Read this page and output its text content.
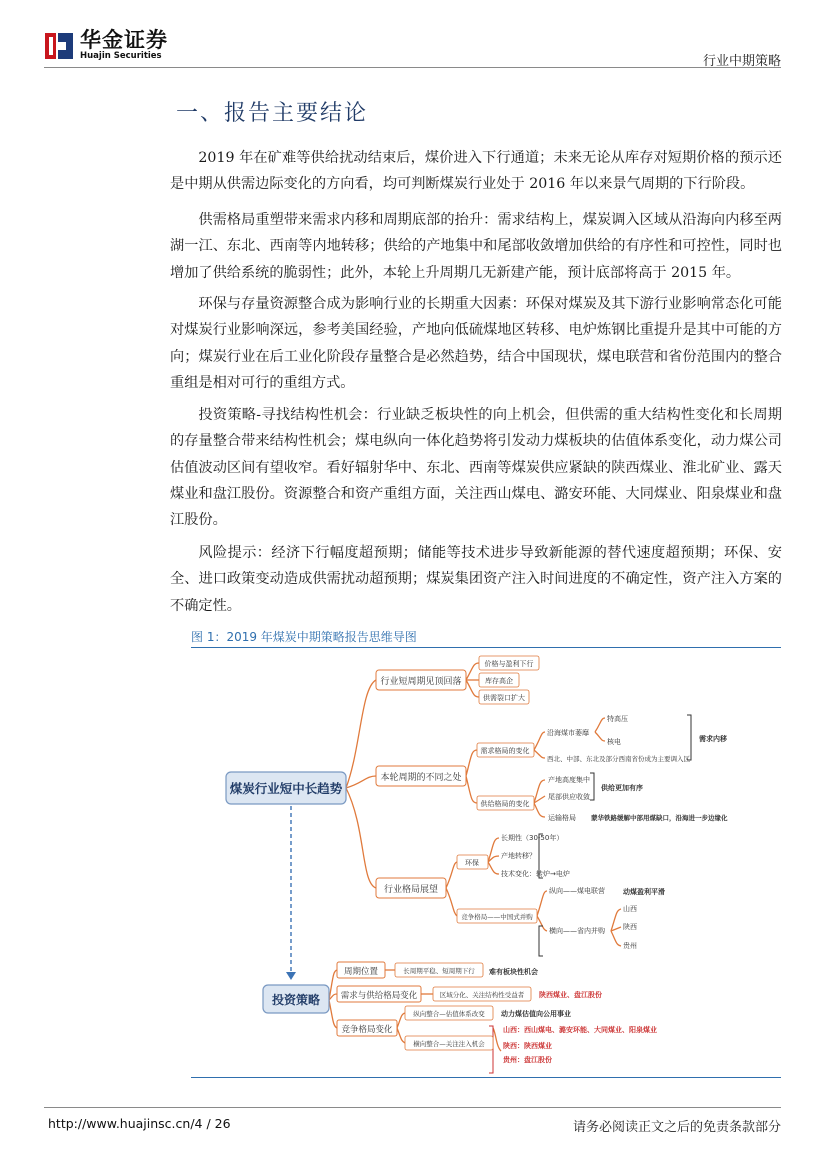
华金证券
Huajin Securities	行业中期策略
一、报告主要结论
2019 年在矿难等供给扰动结束后，煤价进入下行通道；未来无论从库存对短期价格的预示还是中期从供需边际变化的方向看，均可判断煤炭行业处于 2016 年以来景气周期的下行阶段。
供需格局重塑带来需求内移和周期底部的抬升：需求结构上，煤炭调入区域从沿海向内移至两湖一江、东北、西南等内地转移；供给的产地集中和尾部收敛增加供给的有序性和可控性，同时也增加了供给系统的脆弱性；此外，本轮上升周期几无新建产能，预计底部将高于 2015 年。
环保与存量资源整合成为影响行业的长期重大因素：环保对煤炭及其下游行业影响常态化可能对煤炭行业影响深远，参考美国经验，产地向低硫煤地区转移、电炉炼钢比重提升是其中可能的方向；煤炭行业在后工业化阶段存量整合是必然趋势，结合中国现状，煤电联营和省份范围内的整合重组是相对可行的重组方式。
投资策略-寻找结构性机会：行业缺乏板块性的向上机会，但供需的重大结构性变化和长周期的存量整合带来结构性机会；煤电纵向一体化趋势将引发动力煤板块的估值体系变化，动力煤公司估值波动区间有望收窄。看好辐射华中、东北、西南等煤炭供应紧缺的陕西煤业、淮北矿业、露天煤业和盘江股份。资源整合和资产重组方面，关注西山煤电、潞安环能、大同煤业、阳泉煤业和盘江股份。
风险提示：经济下行幅度超预期；储能等技术进步导致新能源的替代速度超预期；环保、安全、进口政策变动造成供需扰动超预期；煤炭集团资产注入时间进度的不确定性，资产注入方案的不确定性。
图 1：2019 年煤炭中期策略报告思维导图
煤炭行业短中长趋势
行业短周期见顶回落
价格与盈利下行
库存高企
供需裂口扩大
本轮周期的不同之处
需求格局的变化
沿海煤市萎靡
特高压
核电
西北、中部、东北及部分西南省份成为主要调入区
需求内移
供给格局的变化
产地高度集中
尾部供应收敛
运输格局
供给更加有序
蒙华铁路缓解中部用煤缺口，沿海进一步边缘化
行业格局展望
环保
长期性（30-50年）
产地转移？
技术变化：转炉→电炉
竞争格局——中国式并购
纵向——煤电联营	动煤盈利平滑
横向——省内并购
山西
陕西
贵州
投资策略
周期位置	长周期平稳、短周期下行 难有板块性机会
需求与供给格局变化	区域分化、关注结构性受益者 陕西煤业、盘江股份
竞争格局变化
纵向整合—估值体系改变 动力煤估值向公用事业
横向整合—关注注入机会
山西：西山煤电、潞安环能、大同煤业、阳泉煤业
陕西：陕西煤业
贵州：盘江股份
http://www.huajinsc.cn/4 / 26	请务必阅读正文之后的免责条款部分
